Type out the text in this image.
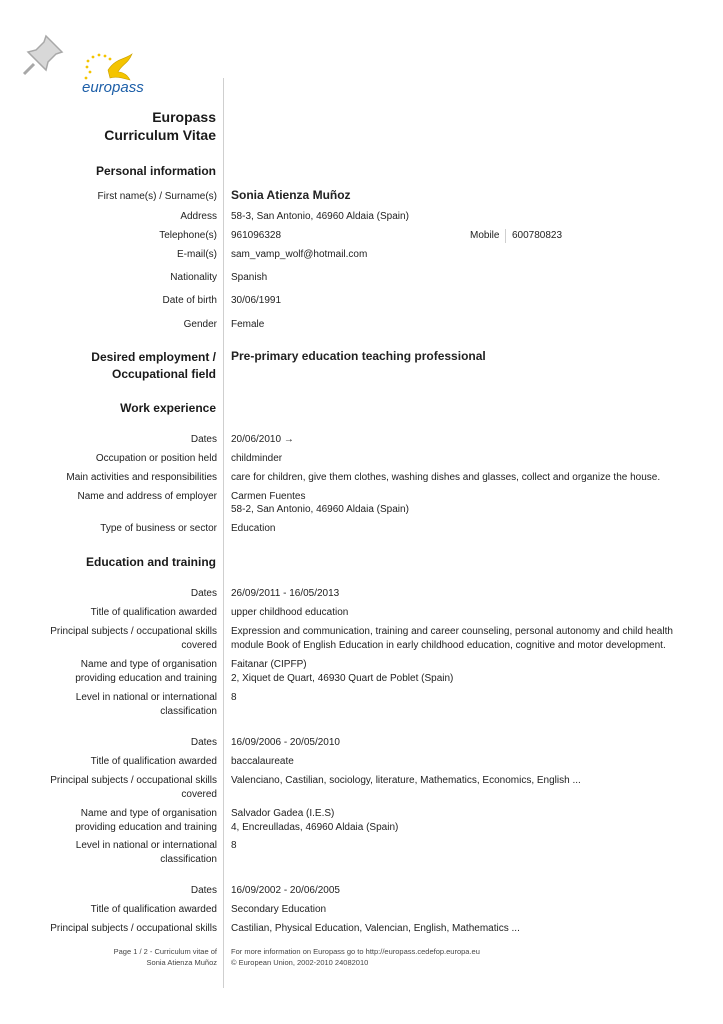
europass
Europass
Curriculum Vitae
Personal information
First name(s) / Surname(s) Sonia Atienza Muñoz
Address 58-3, San Antonio, 46960 Aldaia (Spain)
Telephone(s) 961096328	Mobile 600780823
E-mail(s) sam_vamp_wolf@hotmail.com
Nationality Spanish
Date of birth 30/06/1991
Gender Female
Desired employment /
Occupational field
Pre-primary education teaching professional
Work experience
Dates 20/06/2010 →
Occupation or position held childminder
Main activities and responsibilities care for children, give them clothes, washing dishes and glasses, collect and organize the house.
Name and address of employer Carmen Fuentes
58-2, San Antonio, 46960 Aldaia (Spain)
Type of business or sector Education
Education and training
Dates 26/09/2011 - 16/05/2013
Title of qualification awarded upper childhood education
Principal subjects / occupational skills
covered
Expression and communication, training and career counseling, personal autonomy and child health
module Book of English Education in early childhood education, cognitive and motor development.
Name and type of organisation
providing education and training
Faitanar (CIPFP)
2, Xiquet de Quart, 46930 Quart de Poblet (Spain)
Level in national or international
classification
8
Dates 16/09/2006 - 20/05/2010
Title of qualification awarded baccalaureate
Principal subjects / occupational skills
covered
Valenciano, Castilian, sociology, literature, Mathematics, Economics, English ...
Name and type of organisation
providing education and training
Salvador Gadea (I.E.S)
4, Encreulladas, 46960 Aldaia (Spain)
Level in national or international
classification
8
Dates 16/09/2002 - 20/06/2005
Title of qualification awarded Secondary Education
Principal subjects / occupational skills Castilian, Physical Education, Valencian, English, Mathematics ...
Page 1 / 2 - Curriculum vitae of
Sonia Atienza Muñoz
For more information on Europass go to http://europass.cedefop.europa.eu
© European Union, 2002-2010 24082010
